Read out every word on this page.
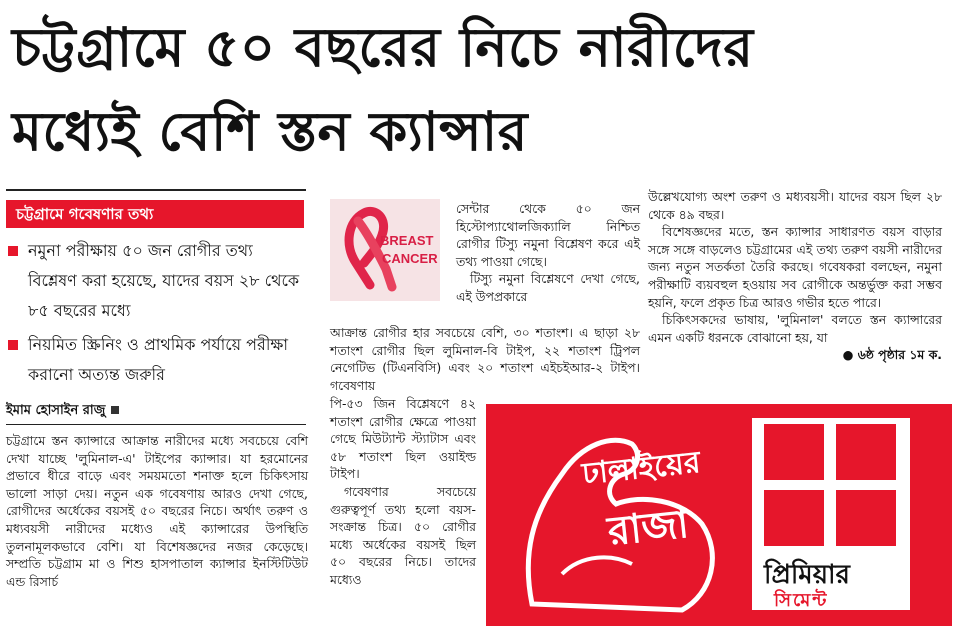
চট্টগ্রামে ৫০ বছরের নিচে নারীদের
মধ্যেই বেশি স্তন ক্যান্সার
চট্টগ্রামে গবেষণার তথ্য
নমুনা পরীক্ষায় ৫০ জন রোগীর তথ্য বিশ্লেষণ করা হয়েছে, যাদের বয়স ২৮ থেকে ৮৫ বছরের মধ্যে
নিয়মিত স্ক্রিনিং ও প্রাথমিক পর্যায়ে পরীক্ষা করানো অত্যন্ত জরুরি
ইমাম হোসাইন রাজু

চট্টগ্রামে স্তন ক্যান্সারে আক্রান্ত নারীদের মধ্যে সবচেয়ে বেশি দেখা যাচ্ছে 'লুমিনাল-এ' টাইপের ক্যান্সার। যা হরমোনের প্রভাবে ধীরে বাড়ে এবং সময়মতো শনাক্ত হলে চিকিৎসায় ভালো সাড়া দেয়। নতুন এক গবেষণায় আরও দেখা গেছে, রোগীদের অর্ধেকের বয়সই ৫০ বছরের নিচে। অর্থাৎ তরুণ ও মধ্যবয়সী নারীদের মধ্যেও এই ক্যান্সারের উপস্থিতি তুলনামূলকভাবে বেশি। যা বিশেষজ্ঞদের নজর কেড়েছে। সম্প্রতি চট্টগ্রাম মা ও শিশু হাসপাতাল ক্যান্সার ইনস্টিটিউট এন্ড রিসার্চ

BREAST
CANCER

সেন্টার থেকে ৫০ জন হিস্টোপ্যাথোলজিক্যালি নিশ্চিত রোগীর টিস্যু নমুনা বিশ্লেষণ করে এই তথ্য পাওয়া গেছে।

টিস্যু নমুনা বিশ্লেষণে দেখা গেছে, এই উপপ্রকারে

আক্রান্ত রোগীর হার সবচেয়ে বেশি, ৩০ শতাংশ। এ ছাড়া ২৮ শতাংশ রোগীর ছিল লুমিনাল-বি টাইপ, ২২ শতাংশ ট্রিপল নেগেটিভ (টিএনবিসি) এবং ২০ শতাংশ এইচইআর-২ টাইপ। গবেষণায়

পি-৫৩ জিন বিশ্লেষণে ৪২ শতাংশ রোগীর ক্ষেত্রে পাওয়া গেছে মিউট্যান্ট স্ট্যাটাস এবং ৫৮ শতাংশ ছিল ওয়াইল্ড টাইপ।

গবেষণার সবচেয়ে গুরুত্বপূর্ণ তথ্য হলো বয়স-সংক্রান্ত চিত্র। ৫০ রোগীর মধ্যে অর্ধেকের বয়সই ছিল ৫০ বছরের নিচে। তাদের মধ্যেও

উল্লেখযোগ্য অংশ তরুণ ও মধ্যবয়সী। যাদের বয়স ছিল ২৮ থেকে ৪৯ বছর।

বিশেষজ্ঞদের মতে, স্তন ক্যান্সার সাধারণত বয়স বাড়ার সঙ্গে সঙ্গে বাড়লেও চট্টগ্রামের এই তথ্য তরুণ বয়সী নারীদের জন্য নতুন সতর্কতা তৈরি করছে। গবেষকরা বলছেন, নমুনা পরীক্ষাটি ব্যয়বহুল হওয়ায় সব রোগীকে অন্তর্ভুক্ত করা সম্ভব হয়নি, ফলে প্রকৃত চিত্র আরও গভীর হতে পারে।

চিকিৎসকদের ভাষায়, 'লুমিনাল' বলতে স্তন ক্যান্সারের এমন একটি ধরনকে বোঝানো হয়, যা

● ৬ষ্ঠ পৃষ্ঠার ১ম ক.

ঢালাইয়ের
রাজা
প্রিমিয়ার
সিমেন্ট
